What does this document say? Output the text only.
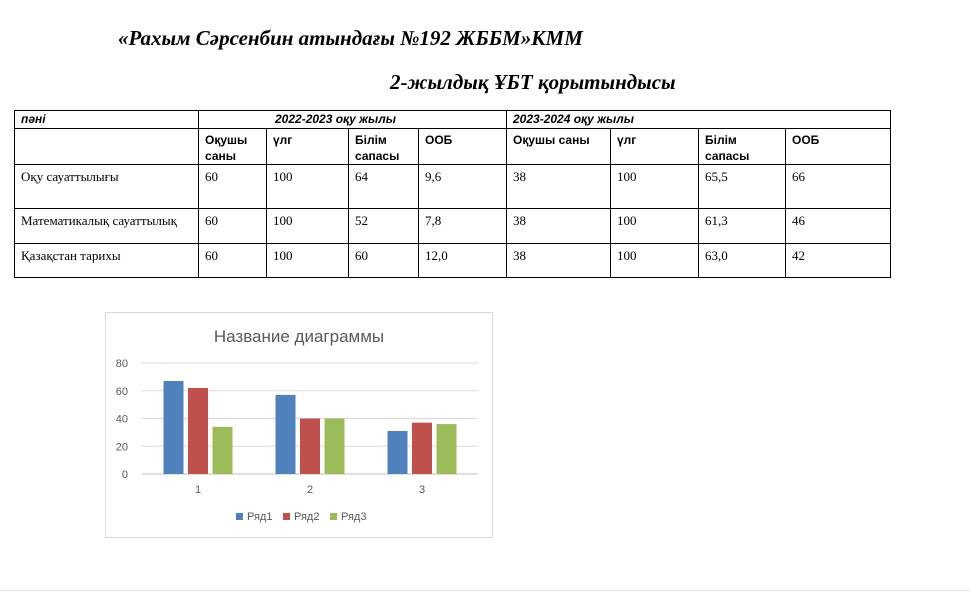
«Рахым Сәрсенбин атындағы №192 ЖББМ»КММ
2-жылдық ҰБТ қорытындысы
пәні	2022-2023 оқу жылы				2023-2024 оқу жылы			
	Оқушы саны	үлг	Білім сапасы	ООБ	Оқушы саны	үлг	Білім сапасы	ООБ
Оқу сауаттылығы	60	100	64	9,6	38	100	65,5	66
Математикалық сауаттылық	60	100	52	7,8	38	100	61,3	46
Қазақстан тарихы	60	100	60	12,0	38	100	63,0	42
Название диаграммы
0
20
40
60
80
1	2	3
Ряд1 Ряд2 Ряд3
